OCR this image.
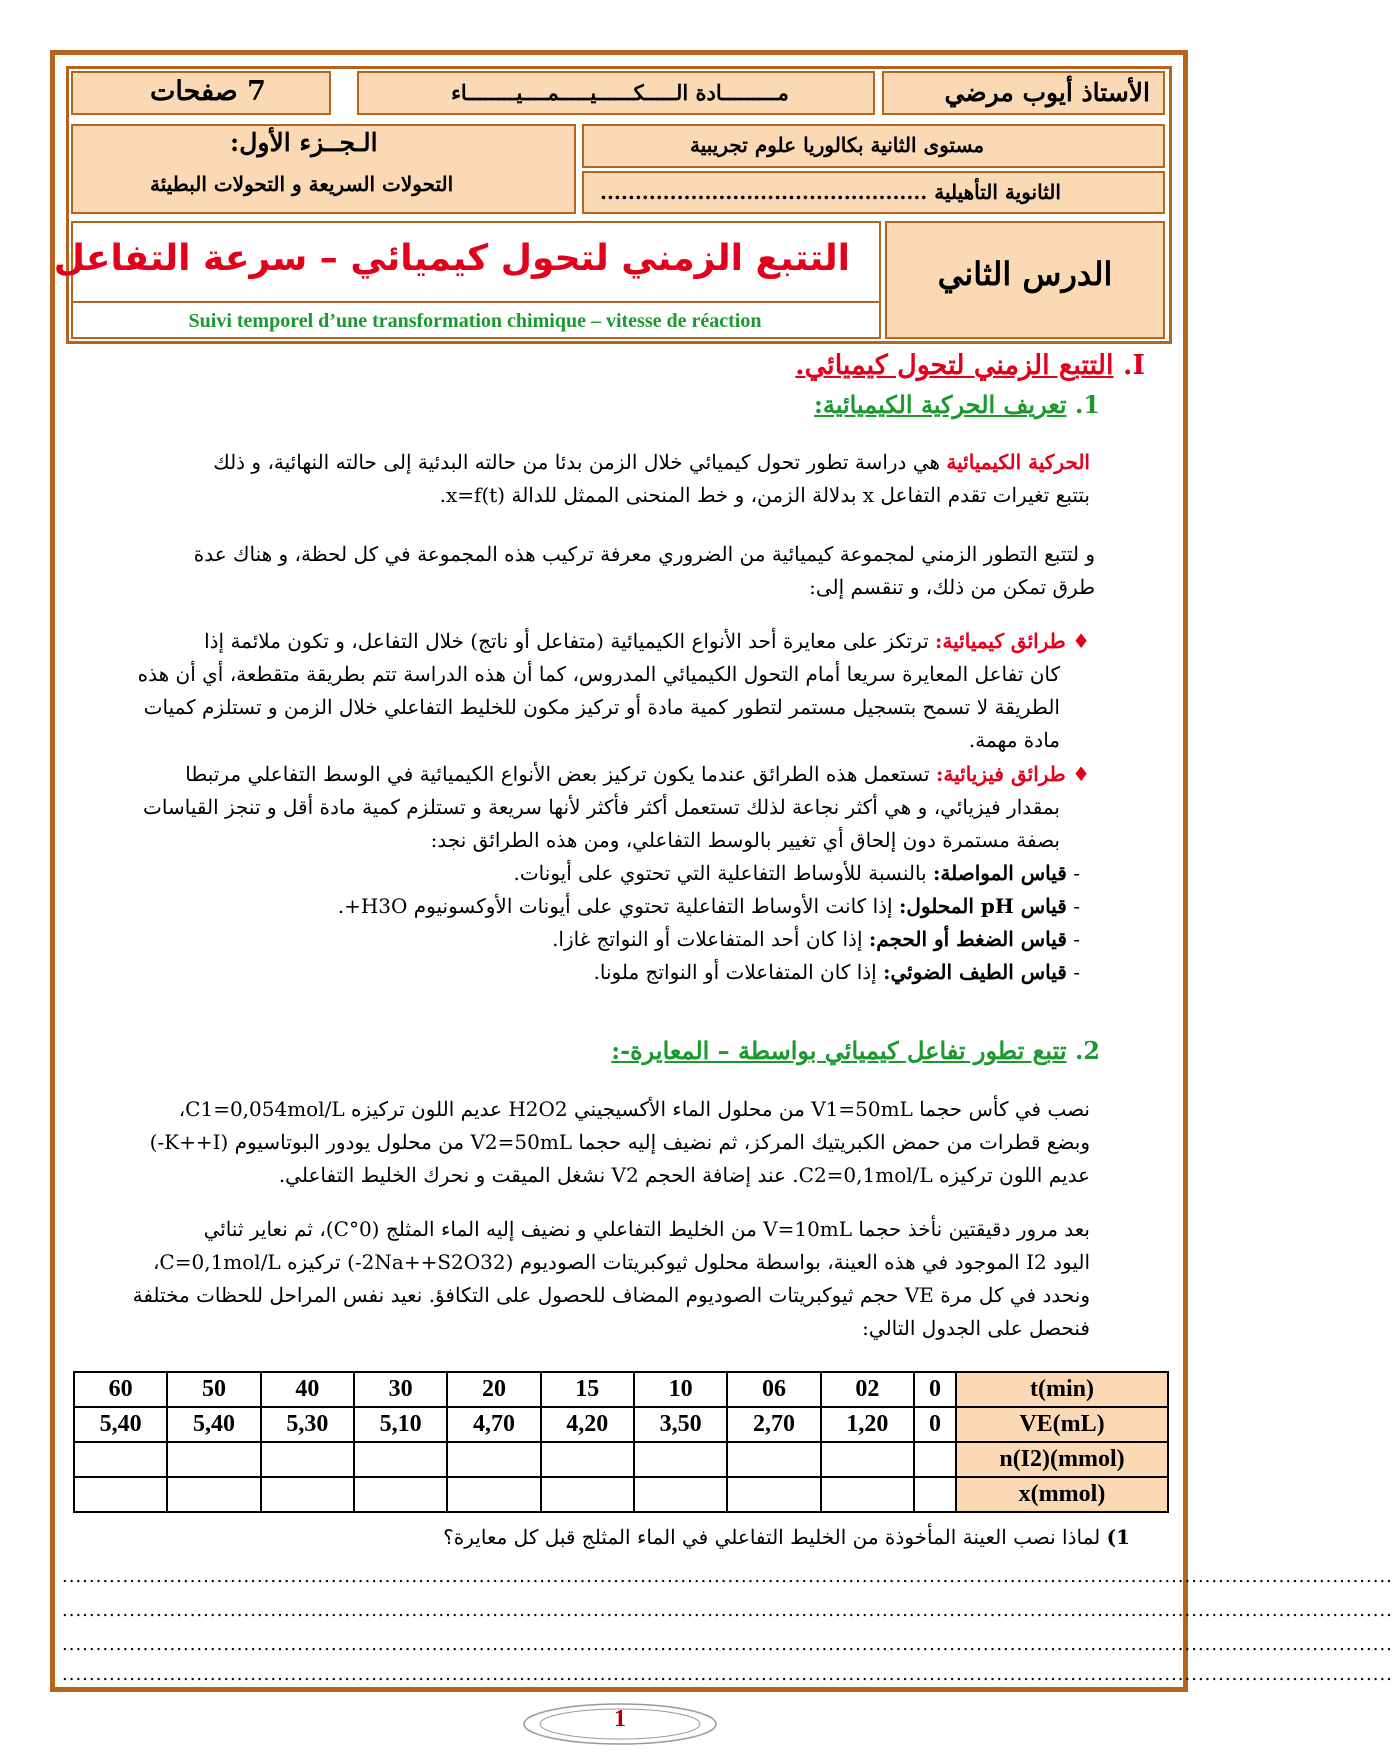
7 صفحات	مـــــــــادة الـــــكــــــيـــــمــــيــــــــاء	الأستاذ أيوب مرضي
الـجــزء الأول:
التحولات السريعة و التحولات البطيئة
مستوى الثانية بكالوريا علوم تجريبية
الثانوية التأهيلية ...............................................
التتبع الزمني لتحول كيميائي – سرعة التفاعل
Suivi temporel d’une transformation chimique – vitesse de réaction
الدرس الثاني
I. التتبع الزمني لتحول كيميائي.
1. تعريف الحركية الكيميائية:
الحركية الكيميائية هي دراسة تطور تحول كيميائي خلال الزمن بدئا من حالته البدئية إلى حالته النهائية، و ذلك
بتتبع تغيرات تقدم التفاعل x بدلالة الزمن، و خط المنحنى الممثل للدالة x=f(t).
و لتتبع التطور الزمني لمجموعة كيميائية من الضروري معرفة تركيب هذه المجموعة في كل لحظة، و هناك عدة
طرق تمكن من ذلك، و تنقسم إلى:
♦ طرائق كيميائية: ترتكز على معايرة أحد الأنواع الكيميائية (متفاعل أو ناتج) خلال التفاعل، و تكون ملائمة إذا
كان تفاعل المعايرة سريعا أمام التحول الكيميائي المدروس، كما أن هذه الدراسة تتم بطريقة متقطعة، أي أن هذه
الطريقة لا تسمح بتسجيل مستمر لتطور كمية مادة أو تركيز مكون للخليط التفاعلي خلال الزمن و تستلزم كميات
مادة مهمة.
♦ طرائق فيزيائية: تستعمل هذه الطرائق عندما يكون تركيز بعض الأنواع الكيميائية في الوسط التفاعلي مرتبطا
بمقدار فيزيائي، و هي أكثر نجاعة لذلك تستعمل أكثر فأكثر لأنها سريعة و تستلزم كمية مادة أقل و تنجز القياسات
بصفة مستمرة دون إلحاق أي تغيير بالوسط التفاعلي، ومن هذه الطرائق نجد:
- قياس المواصلة: بالنسبة للأوساط التفاعلية التي تحتوي على أيونات.
- قياس pH المحلول: إذا كانت الأوساط التفاعلية تحتوي على أيونات الأوكسونيوم H3O+.
- قياس الضغط أو الحجم: إذا كان أحد المتفاعلات أو النواتج غازا.
- قياس الطيف الضوئي: إذا كان المتفاعلات أو النواتج ملونا.
2. تتبع تطور تفاعل كيميائي بواسطة – المعايرة-:
نصب في كأس حجما V1=50mL من محلول الماء الأكسيجيني H2O2 عديم اللون تركيزه C1=0,054mol/L،
وبضع قطرات من حمض الكبريتيك المركز، ثم نضيف إليه حجما V2=50mL من محلول يودور البوتاسيوم (K++I-)
عديم اللون تركيزه C2=0,1mol/L. عند إضافة الحجم V2 نشغل الميقت و نحرك الخليط التفاعلي.
بعد مرور دقيقتين نأخذ حجما V=10mL من الخليط التفاعلي و نضيف إليه الماء المثلج (0°C)، ثم نعاير ثنائي
اليود I2 الموجود في هذه العينة، بواسطة محلول ثيوكبريتات الصوديوم (2Na++S2O32-) تركيزه C=0,1mol/L،
ونحدد في كل مرة VE حجم ثيوكبريتات الصوديوم المضاف للحصول على التكافؤ. نعيد نفس المراحل للحظات مختلفة
فنحصل على الجدول التالي:
60	50	40	30	20	15	10	06	02	0	t(min)
5,40	5,40	5,30	5,10	4,70	4,20	3,50	2,70	1,20	0	VE(mL)
										n(I2)(mmol)
										x(mmol)
1) لماذا نصب العينة المأخوذة من الخليط التفاعلي في الماء المثلج قبل كل معايرة؟
......................................................................................................................................................................................................
......................................................................................................................................................................................................
......................................................................................................................................................................................................
......................................................................................................................................................................................................
1
